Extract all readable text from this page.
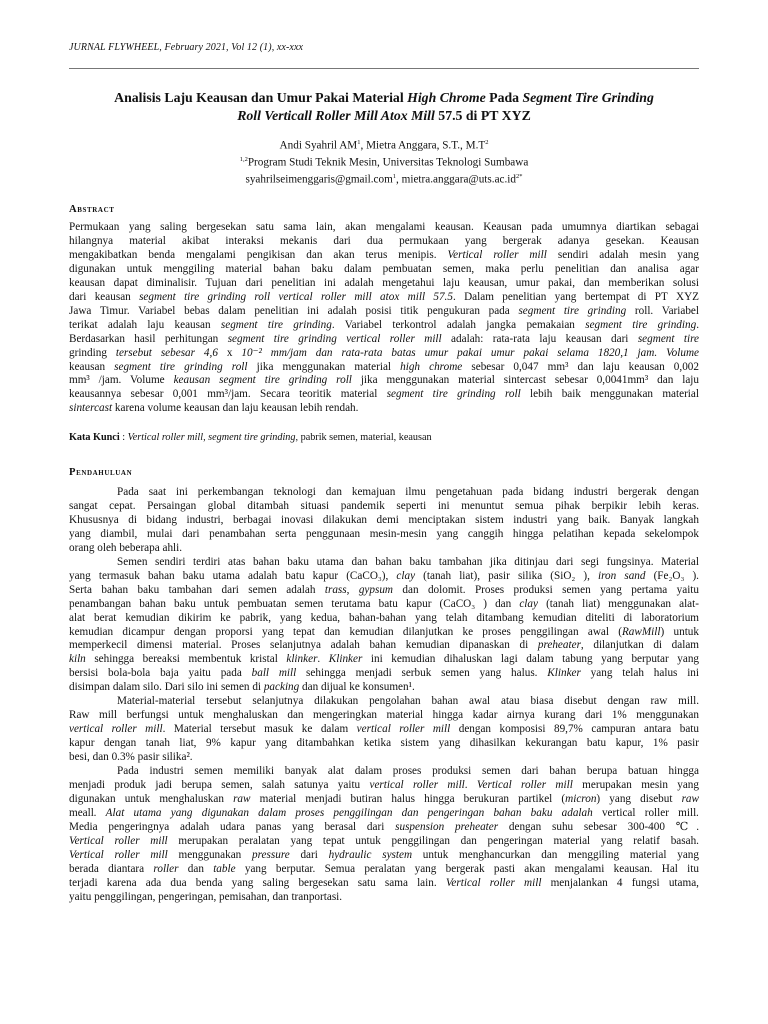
JURNAL FLYWHEEL, February 2021, Vol 12 (1), xx-xxx
Analisis Laju Keausan dan Umur Pakai Material High Chrome Pada Segment Tire Grinding
Roll Verticall Roller Mill Atox Mill 57.5 di PT XYZ
Andi Syahril $AM^1$, Mietra Anggara, S.T., $M.T^2$
$^{1,2}$Program Studi Teknik Mesin, Universitas Teknologi Sumbawa
syahrilseimenggaris@gmail.com$^1$, $mietra.anggara@uts.ac.id^{2*}$
Abstract
Permukaan yang saling bergesekan satu sama lain, akan mengalami keausan. Keausan pada umumnya diartikan sebagai
hilangnya material akibat interaksi mekanis dari dua permukaan yang bergerak adanya gesekan. Keausan
mengakibatkan benda mengalami pengikisan dan akan terus menipis. Vertical roller mill sendiri adalah mesin yang
digunakan untuk menggiling material bahan baku dalam pembuatan semen, maka perlu penelitian dan analisa agar
keausan dapat diminalisir. Tujuan dari penelitian ini adalah mengetahui laju keausan, umur pakai, dan memberikan solusi
dari keausan segment tire grinding roll vertical roller mill atox mill 57.5. Dalam penelitian yang bertempat di PT XYZ
Jawa Timur. Variabel bebas dalam penelitian ini adalah posisi titik pengukuran pada segment tire grinding roll. Variabel
terikat adalah laju keausan segment tire grinding. Variabel terkontrol adalah jangka pemakaian segment tire grinding.
Berdasarkan hasil perhitungan segment tire grinding vertical roller mill adalah: rata-rata laju keausan dari segment tire
grinding tersebut sebesar 4,6 x 10⁻² mm/jam dan rata-rata batas umur pakai umur pakai selama 1820,1 jam. Volume
keausan segment tire grinding roll jika menggunakan material high chrome sebesar 0,047 mm³ dan laju keausan 0,002
mm³ /jam. Volume keausan segment tire grinding roll jika menggunakan material sintercast sebesar 0,0041mm³ dan laju
keausannya sebesar 0,001 mm³/jam. Secara teoritik material segment tire grinding roll lebih baik menggunakan material
sintercast karena volume keausan dan laju keausan lebih rendah.
Kata Kunci : Vertical roller mill, segment tire grinding, pabrik semen, material, keausan
Pendahuluan
Pada saat ini perkembangan teknologi dan kemajuan ilmu pengetahuan pada bidang industri bergerak dengan
sangat cepat. Persaingan global ditambah situasi pandemik seperti ini menuntut semua pihak berpikir lebih keras.
Khususnya di bidang industri, berbagai inovasi dilakukan demi menciptakan sistem industri yang baik. Banyak langkah
yang diambil, mulai dari penambahan serta penggunaan mesin-mesin yang canggih hingga pelatihan kepada sekelompok
orang oleh beberapa ahli.
Semen sendiri terdiri atas bahan baku utama dan bahan baku tambahan jika ditinjau dari segi fungsinya. Material
yang termasuk bahan baku utama adalah batu kapur (CaCO₃), clay (tanah liat), pasir silika (SiO₂ ), iron sand (Fe₂O₃ ).
Serta bahan baku tambahan dari semen adalah trass, gypsum dan dolomit. Proses produksi semen yang pertama yaitu
penambangan bahan baku untuk pembuatan semen terutama batu kapur (CaCO₃ ) dan clay (tanah liat) menggunakan alat-
alat berat kemudian dikirim ke pabrik, yang kedua, bahan-bahan yang telah ditambang kemudian diteliti di laboratorium
kemudian dicampur dengan proporsi yang tepat dan kemudian dilanjutkan ke proses penggilingan awal (RawMill) untuk
memperkecil dimensi material. Proses selanjutnya adalah bahan kemudian dipanaskan di preheater, dilanjutkan di dalam
kiln sehingga bereaksi membentuk kristal klinker. Klinker ini kemudian dihaluskan lagi dalam tabung yang berputar yang
bersisi bola-bola baja yaitu pada ball mill sehingga menjadi serbuk semen yang halus. Klinker yang telah halus ini
disimpan dalam silo. Dari silo ini semen di packing dan dijual ke konsumen¹.
Material-material tersebut selanjutnya dilakukan pengolahan bahan awal atau biasa disebut dengan raw mill.
Raw mill berfungsi untuk menghaluskan dan mengeringkan material hingga kadar airnya kurang dari 1% menggunakan
vertical roller mill. Material tersebut masuk ke dalam vertical roller mill dengan komposisi 89,7% campuran antara batu
kapur dengan tanah liat, 9% kapur yang ditambahkan ketika sistem yang dihasilkan kekurangan batu kapur, 1% pasir
besi, dan 0.3% pasir silika².
Pada industri semen memiliki banyak alat dalam proses produksi semen dari bahan berupa batuan hingga
menjadi produk jadi berupa semen, salah satunya yaitu vertical roller mill. Vertical roller mill merupakan mesin yang
digunakan untuk menghaluskan raw material menjadi butiran halus hingga berukuran partikel (micron) yang disebut raw
meall. Alat utama yang digunakan dalam proses penggilingan dan pengeringan bahan baku adalah vertical roller mill.
Media pengeringnya adalah udara panas yang berasal dari suspension preheater dengan suhu sebesar 300-400 ℃.
Vertical roller mill merupakan peralatan yang tepat untuk penggilingan dan pengeringan material yang relatif basah.
Vertical roller mill menggunakan pressure dari hydraulic system untuk menghancurkan dan menggiling material yang
berada diantara roller dan table yang berputar. Semua peralatan yang bergerak pasti akan mengalami keausan. Hal itu
terjadi karena ada dua benda yang saling bergesekan satu sama lain. Vertical roller mill menjalankan 4 fungsi utama,
yaitu penggilingan, pengeringan, pemisahan, dan tranportasi.
